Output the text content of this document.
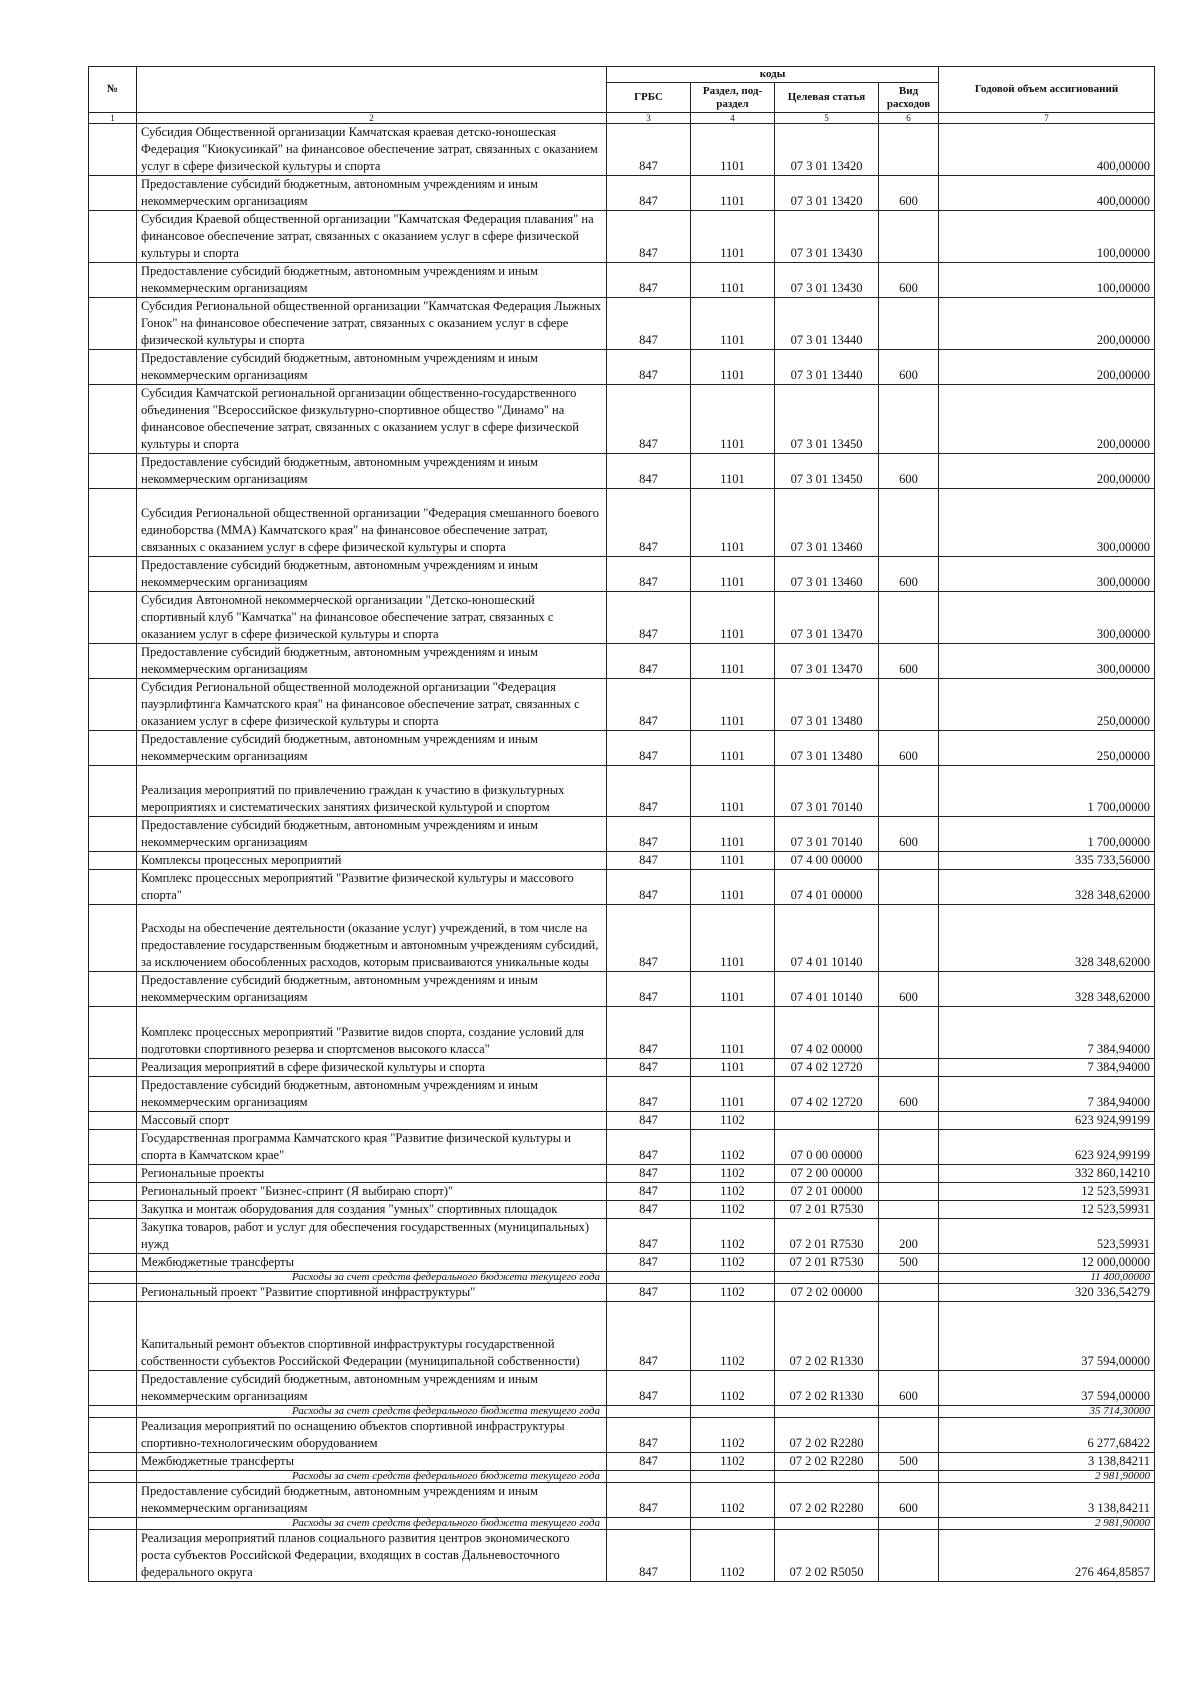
№		коды				Годовой объем ассигнований
		ГРБС	Раздел, под-раздел	Целевая статья	Вид расходов	
1	2	3	4	5	6	7
	Субсидия Общественной организации Камчатская краевая детско-юношеская Федерация "Киокусинкай" на финансовое обеспечение затрат, связанных с оказанием услуг в сфере физической культуры и спорта	847	1101	07 3 01 13420		400,00000
	Предоставление субсидий бюджетным, автономным учреждениям и иным некоммерческим организациям	847	1101	07 3 01 13420	600	400,00000
	Субсидия Краевой общественной организации "Камчатская Федерация плавания" на финансовое обеспечение затрат, связанных с оказанием услуг в сфере физической культуры и спорта	847	1101	07 3 01 13430		100,00000
	Предоставление субсидий бюджетным, автономным учреждениям и иным некоммерческим организациям	847	1101	07 3 01 13430	600	100,00000
	Субсидия Региональной общественной организации "Камчатская Федерация Лыжных Гонок" на финансовое обеспечение затрат, связанных с оказанием услуг в сфере физической культуры и спорта	847	1101	07 3 01 13440		200,00000
	Предоставление субсидий бюджетным, автономным учреждениям и иным некоммерческим организациям	847	1101	07 3 01 13440	600	200,00000
	Субсидия Камчатской региональной организации общественно-государственного объединения "Всероссийское физкультурно-спортивное общество "Динамо" на финансовое обеспечение затрат, связанных с оказанием услуг в сфере физической культуры и спорта	847	1101	07 3 01 13450		200,00000
	Предоставление субсидий бюджетным, автономным учреждениям и иным некоммерческим организациям	847	1101	07 3 01 13450	600	200,00000
	Субсидия Региональной общественной организации "Федерация смешанного боевого единоборства (ММА) Камчатского края" на финансовое обеспечение затрат, связанных с оказанием услуг в сфере физической культуры и спорта	847	1101	07 3 01 13460		300,00000
	Предоставление субсидий бюджетным, автономным учреждениям и иным некоммерческим организациям	847	1101	07 3 01 13460	600	300,00000
	Субсидия Автономной некоммерческой организации "Детско-юношеский спортивный клуб "Камчатка" на финансовое обеспечение затрат, связанных с оказанием услуг в сфере физической культуры и спорта	847	1101	07 3 01 13470		300,00000
	Предоставление субсидий бюджетным, автономным учреждениям и иным некоммерческим организациям	847	1101	07 3 01 13470	600	300,00000
	Субсидия Региональной общественной молодежной организации "Федерация пауэрлифтинга Камчатского края" на финансовое обеспечение затрат, связанных с оказанием услуг в сфере физической культуры и спорта	847	1101	07 3 01 13480		250,00000
	Предоставление субсидий бюджетным, автономным учреждениям и иным некоммерческим организациям	847	1101	07 3 01 13480	600	250,00000
	Реализация мероприятий по привлечению граждан к участию в физкультурных мероприятиях и систематических занятиях физической культурой и спортом	847	1101	07 3 01 70140		1 700,00000
	Предоставление субсидий бюджетным, автономным учреждениям и иным некоммерческим организациям	847	1101	07 3 01 70140	600	1 700,00000
	Комплексы процессных мероприятий	847	1101	07 4 00 00000		335 733,56000
	Комплекс процессных мероприятий "Развитие физической культуры и массового спорта"	847	1101	07 4 01 00000		328 348,62000
	Расходы на обеспечение деятельности (оказание услуг) учреждений, в том числе на предоставление государственным бюджетным и автономным учреждениям субсидий, за исключением обособленных расходов, которым присваиваются уникальные коды	847	1101	07 4 01 10140		328 348,62000
	Предоставление субсидий бюджетным, автономным учреждениям и иным некоммерческим организациям	847	1101	07 4 01 10140	600	328 348,62000
	Комплекс процессных мероприятий "Развитие видов спорта, создание условий для подготовки спортивного резерва и спортсменов высокого класса"	847	1101	07 4 02 00000		7 384,94000
	Реализация мероприятий в сфере физической культуры и спорта	847	1101	07 4 02 12720		7 384,94000
	Предоставление субсидий бюджетным, автономным учреждениям и иным некоммерческим организациям	847	1101	07 4 02 12720	600	7 384,94000
	Массовый спорт	847	1102			623 924,99199
	Государственная программа Камчатского края "Развитие физической культуры и спорта в Камчатском крае"	847	1102	07 0 00 00000		623 924,99199
	Региональные проекты	847	1102	07 2 00 00000		332 860,14210
	Региональный проект "Бизнес-спринт (Я выбираю спорт)"	847	1102	07 2 01 00000		12 523,59931
	Закупка и монтаж оборудования для создания "умных" спортивных площадок	847	1102	07 2 01 R7530		12 523,59931
	Закупка товаров, работ и услуг для обеспечения государственных (муниципальных) нужд	847	1102	07 2 01 R7530	200	523,59931
	Межбюджетные трансферты	847	1102	07 2 01 R7530	500	12 000,00000
	Расходы за счет средств федерального бюджета текущего года					11 400,00000
	Региональный проект "Развитие спортивной инфраструктуры"	847	1102	07 2 02 00000		320 336,54279
	Капитальный ремонт объектов спортивной инфраструктуры государственной собственности субъектов Российской Федерации (муниципальной собственности)	847	1102	07 2 02 R1330		37 594,00000
	Предоставление субсидий бюджетным, автономным учреждениям и иным некоммерческим организациям	847	1102	07 2 02 R1330	600	37 594,00000
	Расходы за счет средств федерального бюджета текущего года					35 714,30000
	Реализация мероприятий по оснащению объектов спортивной инфраструктуры спортивно-технологическим оборудованием	847	1102	07 2 02 R2280		6 277,68422
	Межбюджетные трансферты	847	1102	07 2 02 R2280	500	3 138,84211
	Расходы за счет средств федерального бюджета текущего года					2 981,90000
	Предоставление субсидий бюджетным, автономным учреждениям и иным некоммерческим организациям	847	1102	07 2 02 R2280	600	3 138,84211
	Расходы за счет средств федерального бюджета текущего года					2 981,90000
	Реализация мероприятий планов социального развития центров экономического роста субъектов Российской Федерации, входящих в состав Дальневосточного федерального округа	847	1102	07 2 02 R5050		276 464,85857
